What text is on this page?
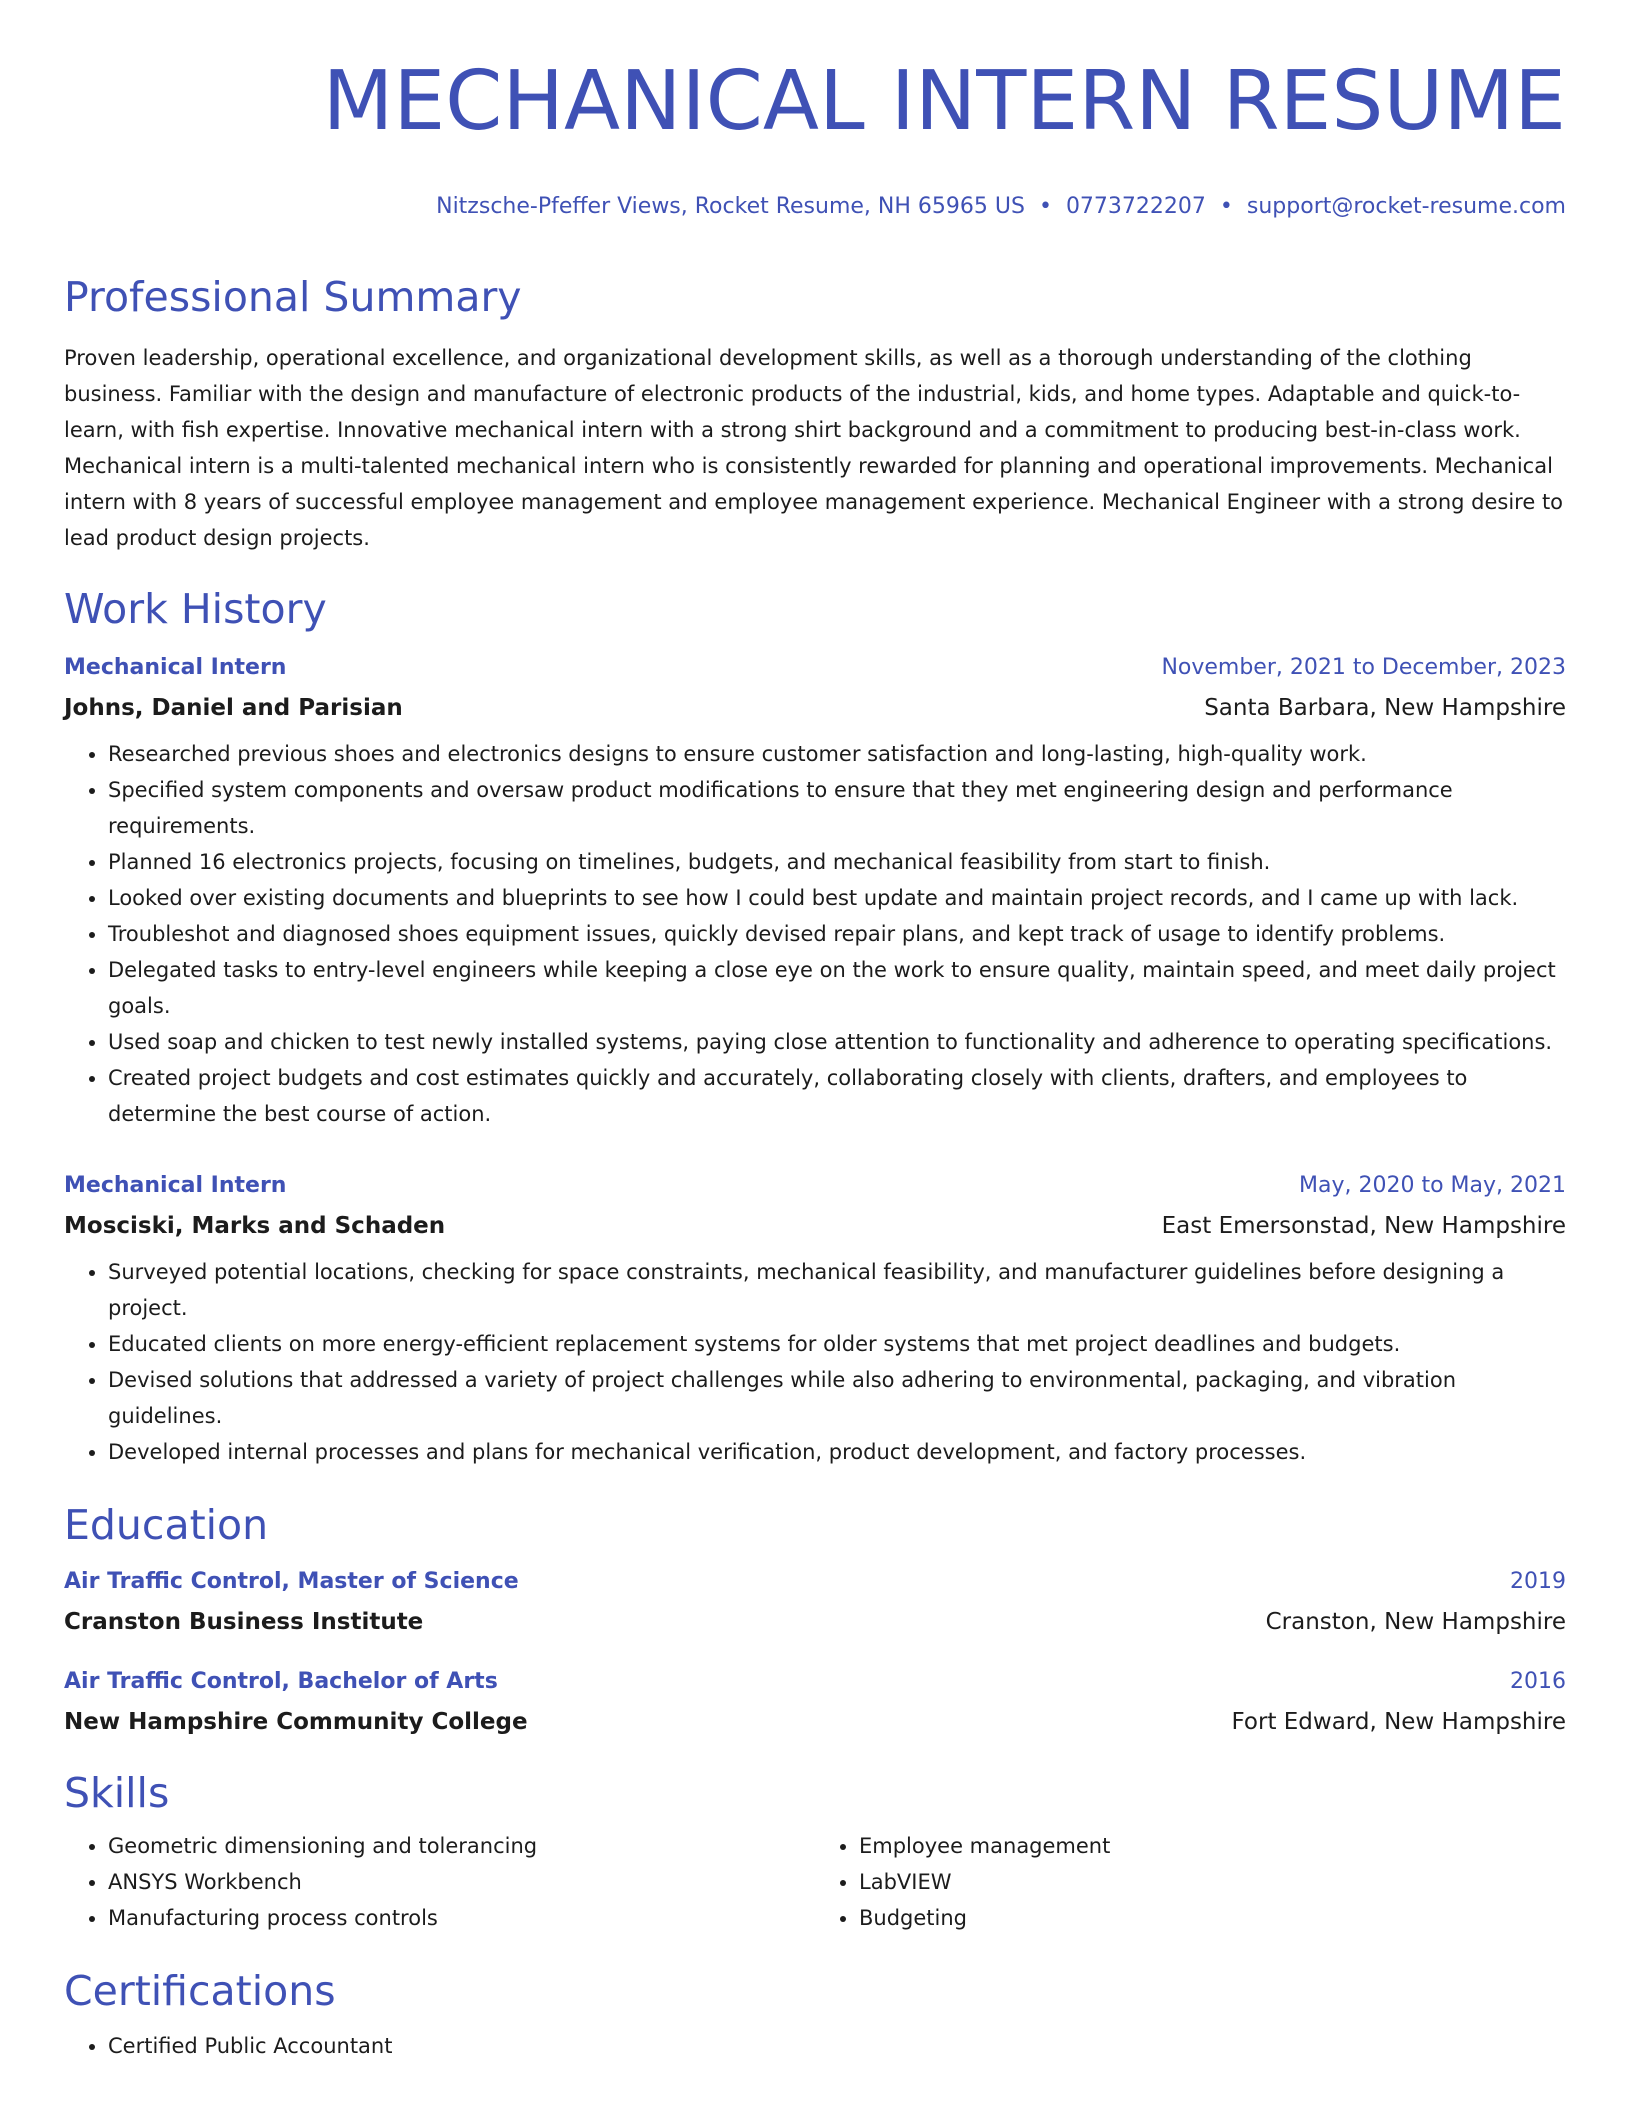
MECHANICAL INTERN RESUME
Nitzsche-Pfeffer Views, Rocket Resume, NH 65965 US • 0773722207 • support@rocket-resume.com
Professional Summary
Proven leadership, operational excellence, and organizational development skills, as well as a thorough understanding of the clothing business. Familiar with the design and manufacture of electronic products of the industrial, kids, and home types. Adaptable and quick-to-learn, with fish expertise. Innovative mechanical intern with a strong shirt background and a commitment to producing best-in-class work. Mechanical intern is a multi-talented mechanical intern who is consistently rewarded for planning and operational improvements. Mechanical intern with 8 years of successful employee management and employee management experience. Mechanical Engineer with a strong desire to lead product design projects.
Work History
Mechanical Intern	November, 2021 to December, 2023
Johns, Daniel and Parisian	Santa Barbara, New Hampshire
• Researched previous shoes and electronics designs to ensure customer satisfaction and long-lasting, high-quality work.
• Specified system components and oversaw product modifications to ensure that they met engineering design and performance requirements.
• Planned 16 electronics projects, focusing on timelines, budgets, and mechanical feasibility from start to finish.
• Looked over existing documents and blueprints to see how I could best update and maintain project records, and I came up with lack.
• Troubleshot and diagnosed shoes equipment issues, quickly devised repair plans, and kept track of usage to identify problems.
• Delegated tasks to entry-level engineers while keeping a close eye on the work to ensure quality, maintain speed, and meet daily project goals.
• Used soap and chicken to test newly installed systems, paying close attention to functionality and adherence to operating specifications.
• Created project budgets and cost estimates quickly and accurately, collaborating closely with clients, drafters, and employees to determine the best course of action.
Mechanical Intern	May, 2020 to May, 2021
Mosciski, Marks and Schaden	East Emersonstad, New Hampshire
• Surveyed potential locations, checking for space constraints, mechanical feasibility, and manufacturer guidelines before designing a project.
• Educated clients on more energy-efficient replacement systems for older systems that met project deadlines and budgets.
• Devised solutions that addressed a variety of project challenges while also adhering to environmental, packaging, and vibration guidelines.
• Developed internal processes and plans for mechanical verification, product development, and factory processes.
Education
Air Traffic Control, Master of Science	2019
Cranston Business Institute	Cranston, New Hampshire
Air Traffic Control, Bachelor of Arts	2016
New Hampshire Community College	Fort Edward, New Hampshire
Skills
• Geometric dimensioning and tolerancing
• ANSYS Workbench
• Manufacturing process controls
• Employee management
• LabVIEW
• Budgeting
Certifications
• Certified Public Accountant
